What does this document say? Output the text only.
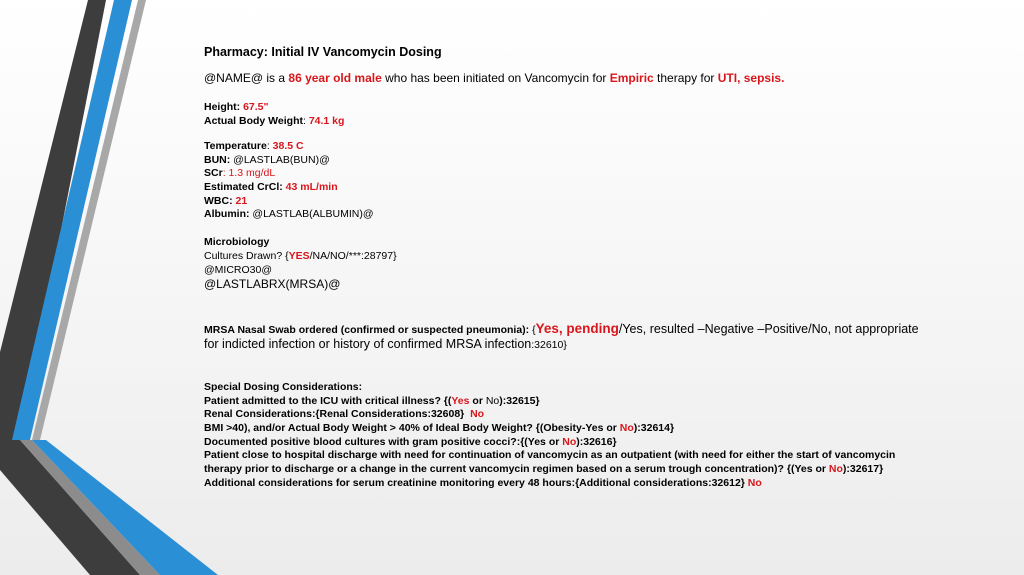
Pharmacy: Initial IV Vancomycin Dosing
@NAME@ is a 86 year old male who has been initiated on Vancomycin for Empiric therapy for UTI, sepsis.
Height: 67.5"
Actual Body Weight: 74.1 kg
Temperature: 38.5 C
BUN: @LASTLAB(BUN)@
SCr: 1.3 mg/dL
Estimated CrCl: 43 mL/min
WBC: 21
Albumin: @LASTLAB(ALBUMIN)@
Microbiology
Cultures Drawn? {YES/NA/NO/***:28797}
@MICRO30@
@LASTLABRX(MRSA)@
MRSA Nasal Swab ordered (confirmed or suspected pneumonia): {Yes, pending/Yes, resulted –Negative –Positive/No, not appropriate
for indicted infection or history of confirmed MRSA infection:32610}
Special Dosing Considerations:
Patient admitted to the ICU with critical illness? {(Yes or No):32615}
Renal Considerations:{Renal Considerations:32608} No
BMI >40), and/or Actual Body Weight > 40% of Ideal Body Weight? {(Obesity-Yes or No):32614}
Documented positive blood cultures with gram positive cocci?:{(Yes or No):32616}
Patient close to hospital discharge with need for continuation of vancomycin as an outpatient (with need for either the start of vancomycin
therapy prior to discharge or a change in the current vancomycin regimen based on a serum trough concentration)? {(Yes or No):32617}
Additional considerations for serum creatinine monitoring every 48 hours:{Additional considerations:32612} No
